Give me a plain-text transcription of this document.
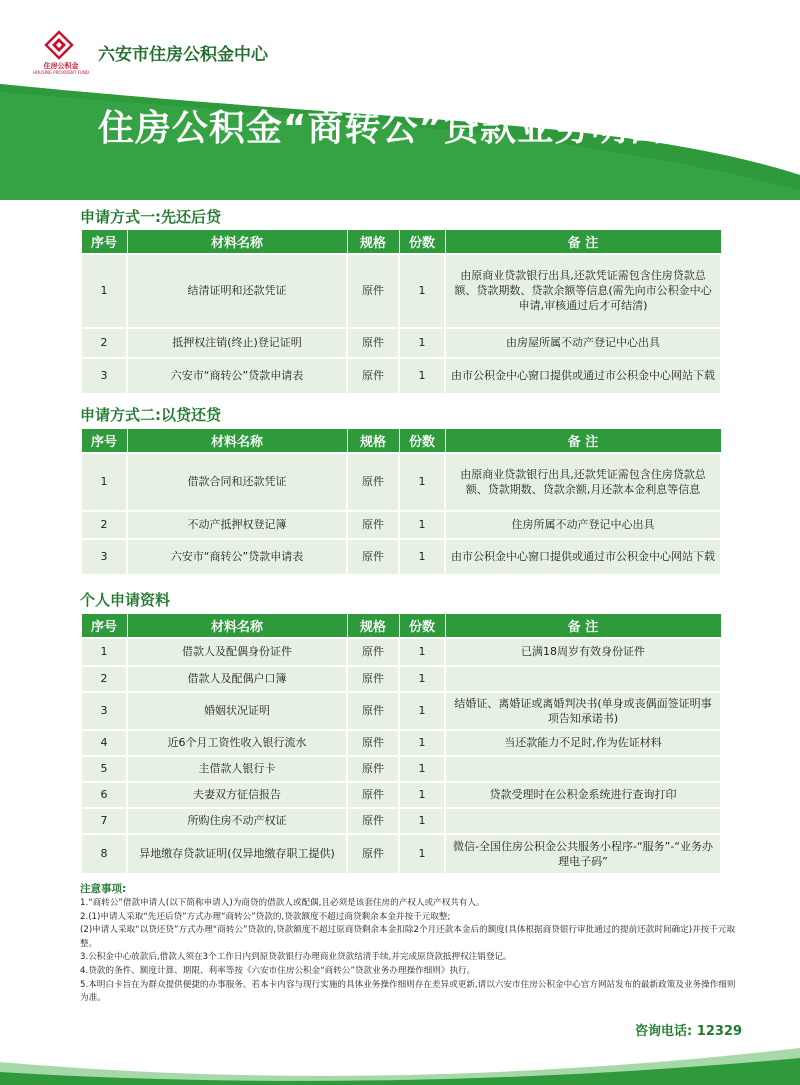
住房公积金
HOUSING PROVIDENT FUND
六安市住房公积金中心
住房公积金“商转公”贷款业务明白卡
申请方式一:先还后贷
序号	材料名称	规格	份数	备 注
1	结清证明和还款凭证	原件	1	由原商业贷款银行出具,还款凭证需包含住房贷款总额、贷款期数、贷款余额等信息(需先向市公积金中心申请,审核通过后才可结清)
2	抵押权注销(终止)登记证明	原件	1	由房屋所属不动产登记中心出具
3	六安市“商转公”贷款申请表	原件	1	由市公积金中心窗口提供或通过市公积金中心网站下载
申请方式二:以贷还贷
序号	材料名称	规格	份数	备 注
1	借款合同和还款凭证	原件	1	由原商业贷款银行出具,还款凭证需包含住房贷款总额、贷款期数、贷款余额,月还款本金利息等信息
2	不动产抵押权登记簿	原件	1	住房所属不动产登记中心出具
3	六安市“商转公”贷款申请表	原件	1	由市公积金中心窗口提供或通过市公积金中心网站下载
个人申请资料
序号	材料名称	规格	份数	备 注
1	借款人及配偶身份证件	原件	1	已满18周岁有效身份证件
2	借款人及配偶户口簿	原件	1	
3	婚姻状况证明	原件	1	结婚证、离婚证或离婚判决书(单身或丧偶面签证明事项告知承诺书)
4	近6个月工资性收入银行流水	原件	1	当还款能力不足时,作为佐证材料
5	主借款人银行卡	原件	1	
6	夫妻双方征信报告	原件	1	贷款受理时在公积金系统进行查询打印
7	所购住房不动产权证	原件	1	
8	异地缴存贷款证明(仅异地缴存职工提供)	原件	1	微信-全国住房公积金公共服务小程序-“服务”-“业务办理电子码”
注意事项:
1.“商转公”借款申请人(以下简称申请人)为商贷的借款人或配偶,且必须是该套住房的产权人或产权共有人。
2.(1)申请人采取“先还后贷”方式办理“商转公”贷款的,贷款额度不超过商贷剩余本金并按千元取整;
(2)申请人采取“以贷还贷”方式办理“商转公”贷款的,贷款额度不超过原商贷剩余本金扣除2个月还款本金后的额度(具体根据商贷银行审批通过的提前还款时间确定)并按千元取整。
3.公积金中心放款后,借款人须在3个工作日内到原贷款银行办理商业贷款结清手续,并完成原贷款抵押权注销登记。
4.贷款的条件、额度计算、期限、利率等按《六安市住房公积金“商转公”贷款业务办理操作细则》执行。
5.本明白卡旨在为群众提供便捷的办事服务。若本卡内容与现行实施的具体业务操作细则存在差异或更新,请以六安市住房公积金中心官方网站发布的最新政策及业务操作细则为准。
咨询电话: 12329
